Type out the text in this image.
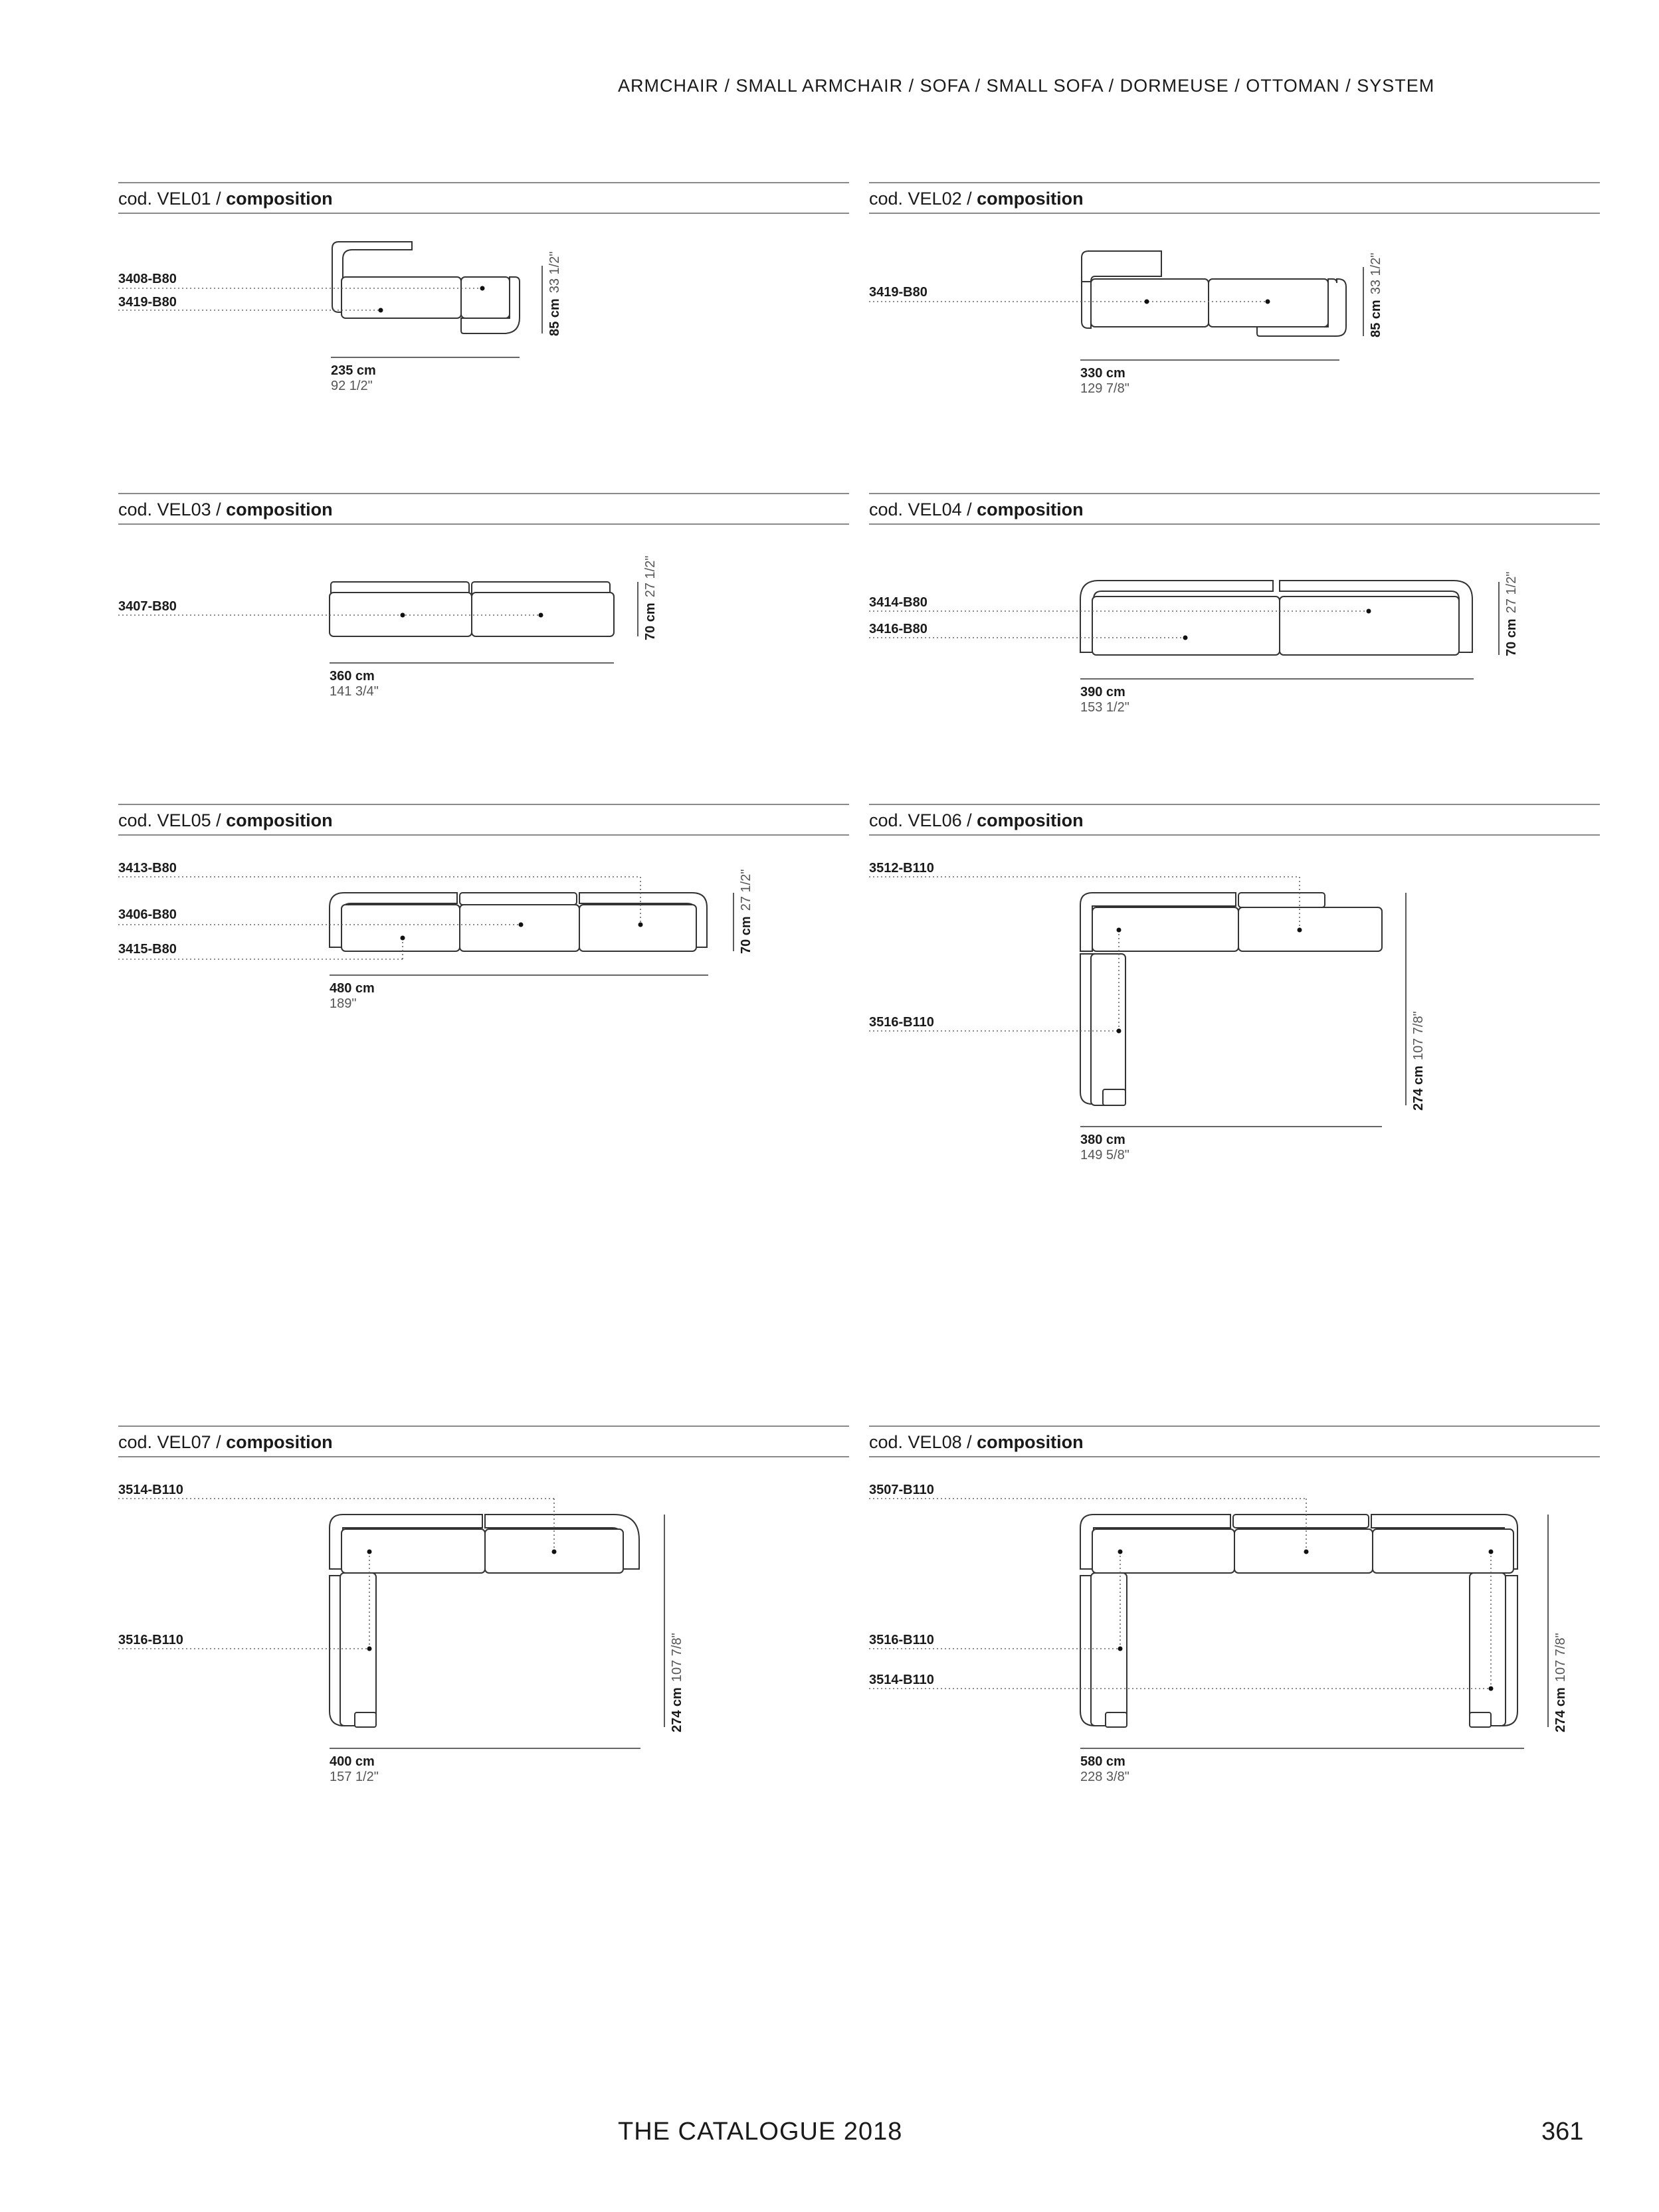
ARMCHAIR / SMALL ARMCHAIR / SOFA / SMALL SOFA / DORMEUSE / OTTOMAN / SYSTEM
cod. VEL01 / composition
3408-B80
3419-B80
235 cm
92 1/2"
85 cm33 1/2"
cod. VEL02 / composition
3419-B80
330 cm
129 7/8"
85 cm33 1/2"
cod. VEL03 / composition
3407-B80
360 cm
141 3/4"
70 cm27 1/2"
cod. VEL04 / composition
3414-B80
3416-B80
390 cm
153 1/2"
70 cm27 1/2"
cod. VEL05 / composition
3413-B80
3406-B80
3415-B80
480 cm
189"
70 cm27 1/2"
cod. VEL06 / composition
3512-B110
3516-B110
380 cm
149 5/8"
274 cm107 7/8"
cod. VEL07 / composition
3514-B110
3516-B110
400 cm
157 1/2"
274 cm107 7/8"
cod. VEL08 / composition
3507-B110
3516-B110
3514-B110
580 cm
228 3/8"
274 cm107 7/8"
THE CATALOGUE 2018	361
